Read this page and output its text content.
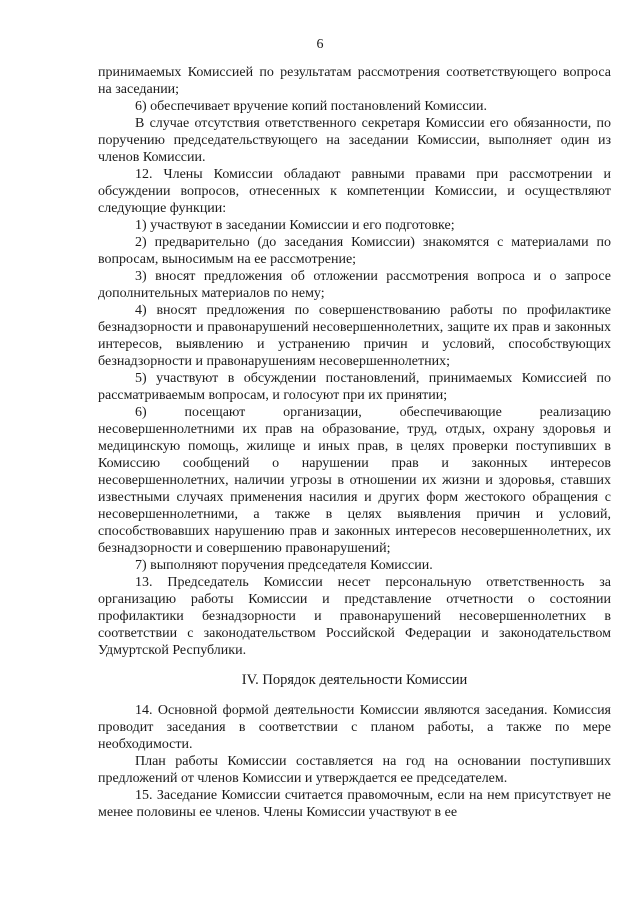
6

принимаемых Комиссией по результатам рассмотрения соответствующего вопроса на заседании;

6) обеспечивает вручение копий постановлений Комиссии.

В случае отсутствия ответственного секретаря Комиссии его обязанности, по поручению председательствующего на заседании Комиссии, выполняет один из членов Комиссии.

12. Члены Комиссии обладают равными правами при рассмотрении и обсуждении вопросов, отнесенных к компетенции Комиссии, и осуществляют следующие функции:

1) участвуют в заседании Комиссии и его подготовке;

2) предварительно (до заседания Комиссии) знакомятся с материалами по вопросам, выносимым на ее рассмотрение;

3) вносят предложения об отложении рассмотрения вопроса и о запросе дополнительных материалов по нему;

4) вносят предложения по совершенствованию работы по профилактике безнадзорности и правонарушений несовершеннолетних, защите их прав и законных интересов, выявлению и устранению причин и условий, способствующих безнадзорности и правонарушениям несовершеннолетних;

5) участвуют в обсуждении постановлений, принимаемых Комиссией по рассматриваемым вопросам, и голосуют при их принятии;

6) посещают организации, обеспечивающие реализацию несовершеннолетними их прав на образование, труд, отдых, охрану здоровья и медицинскую помощь, жилище и иных прав, в целях проверки поступивших в Комиссию сообщений о нарушении прав и законных интересов несовершеннолетних, наличии угрозы в отношении их жизни и здоровья, ставших известными случаях применения насилия и других форм жестокого обращения с несовершеннолетними, а также в целях выявления причин и условий, способствовавших нарушению прав и законных интересов несовершеннолетних, их безнадзорности и совершению правонарушений;

7) выполняют поручения председателя Комиссии.

13. Председатель Комиссии несет персональную ответственность за организацию работы Комиссии и представление отчетности о состоянии профилактики безнадзорности и правонарушений несовершеннолетних в соответствии с законодательством Российской Федерации и законодательством Удмуртской Республики.

IV. Порядок деятельности Комиссии

14. Основной формой деятельности Комиссии являются заседания. Комиссия проводит заседания в соответствии с планом работы, а также по мере необходимости.

План работы Комиссии составляется на год на основании поступивших предложений от членов Комиссии и утверждается ее председателем.

15. Заседание Комиссии считается правомочным, если на нем присутствует не менее половины ее членов. Члены Комиссии участвуют в ее
